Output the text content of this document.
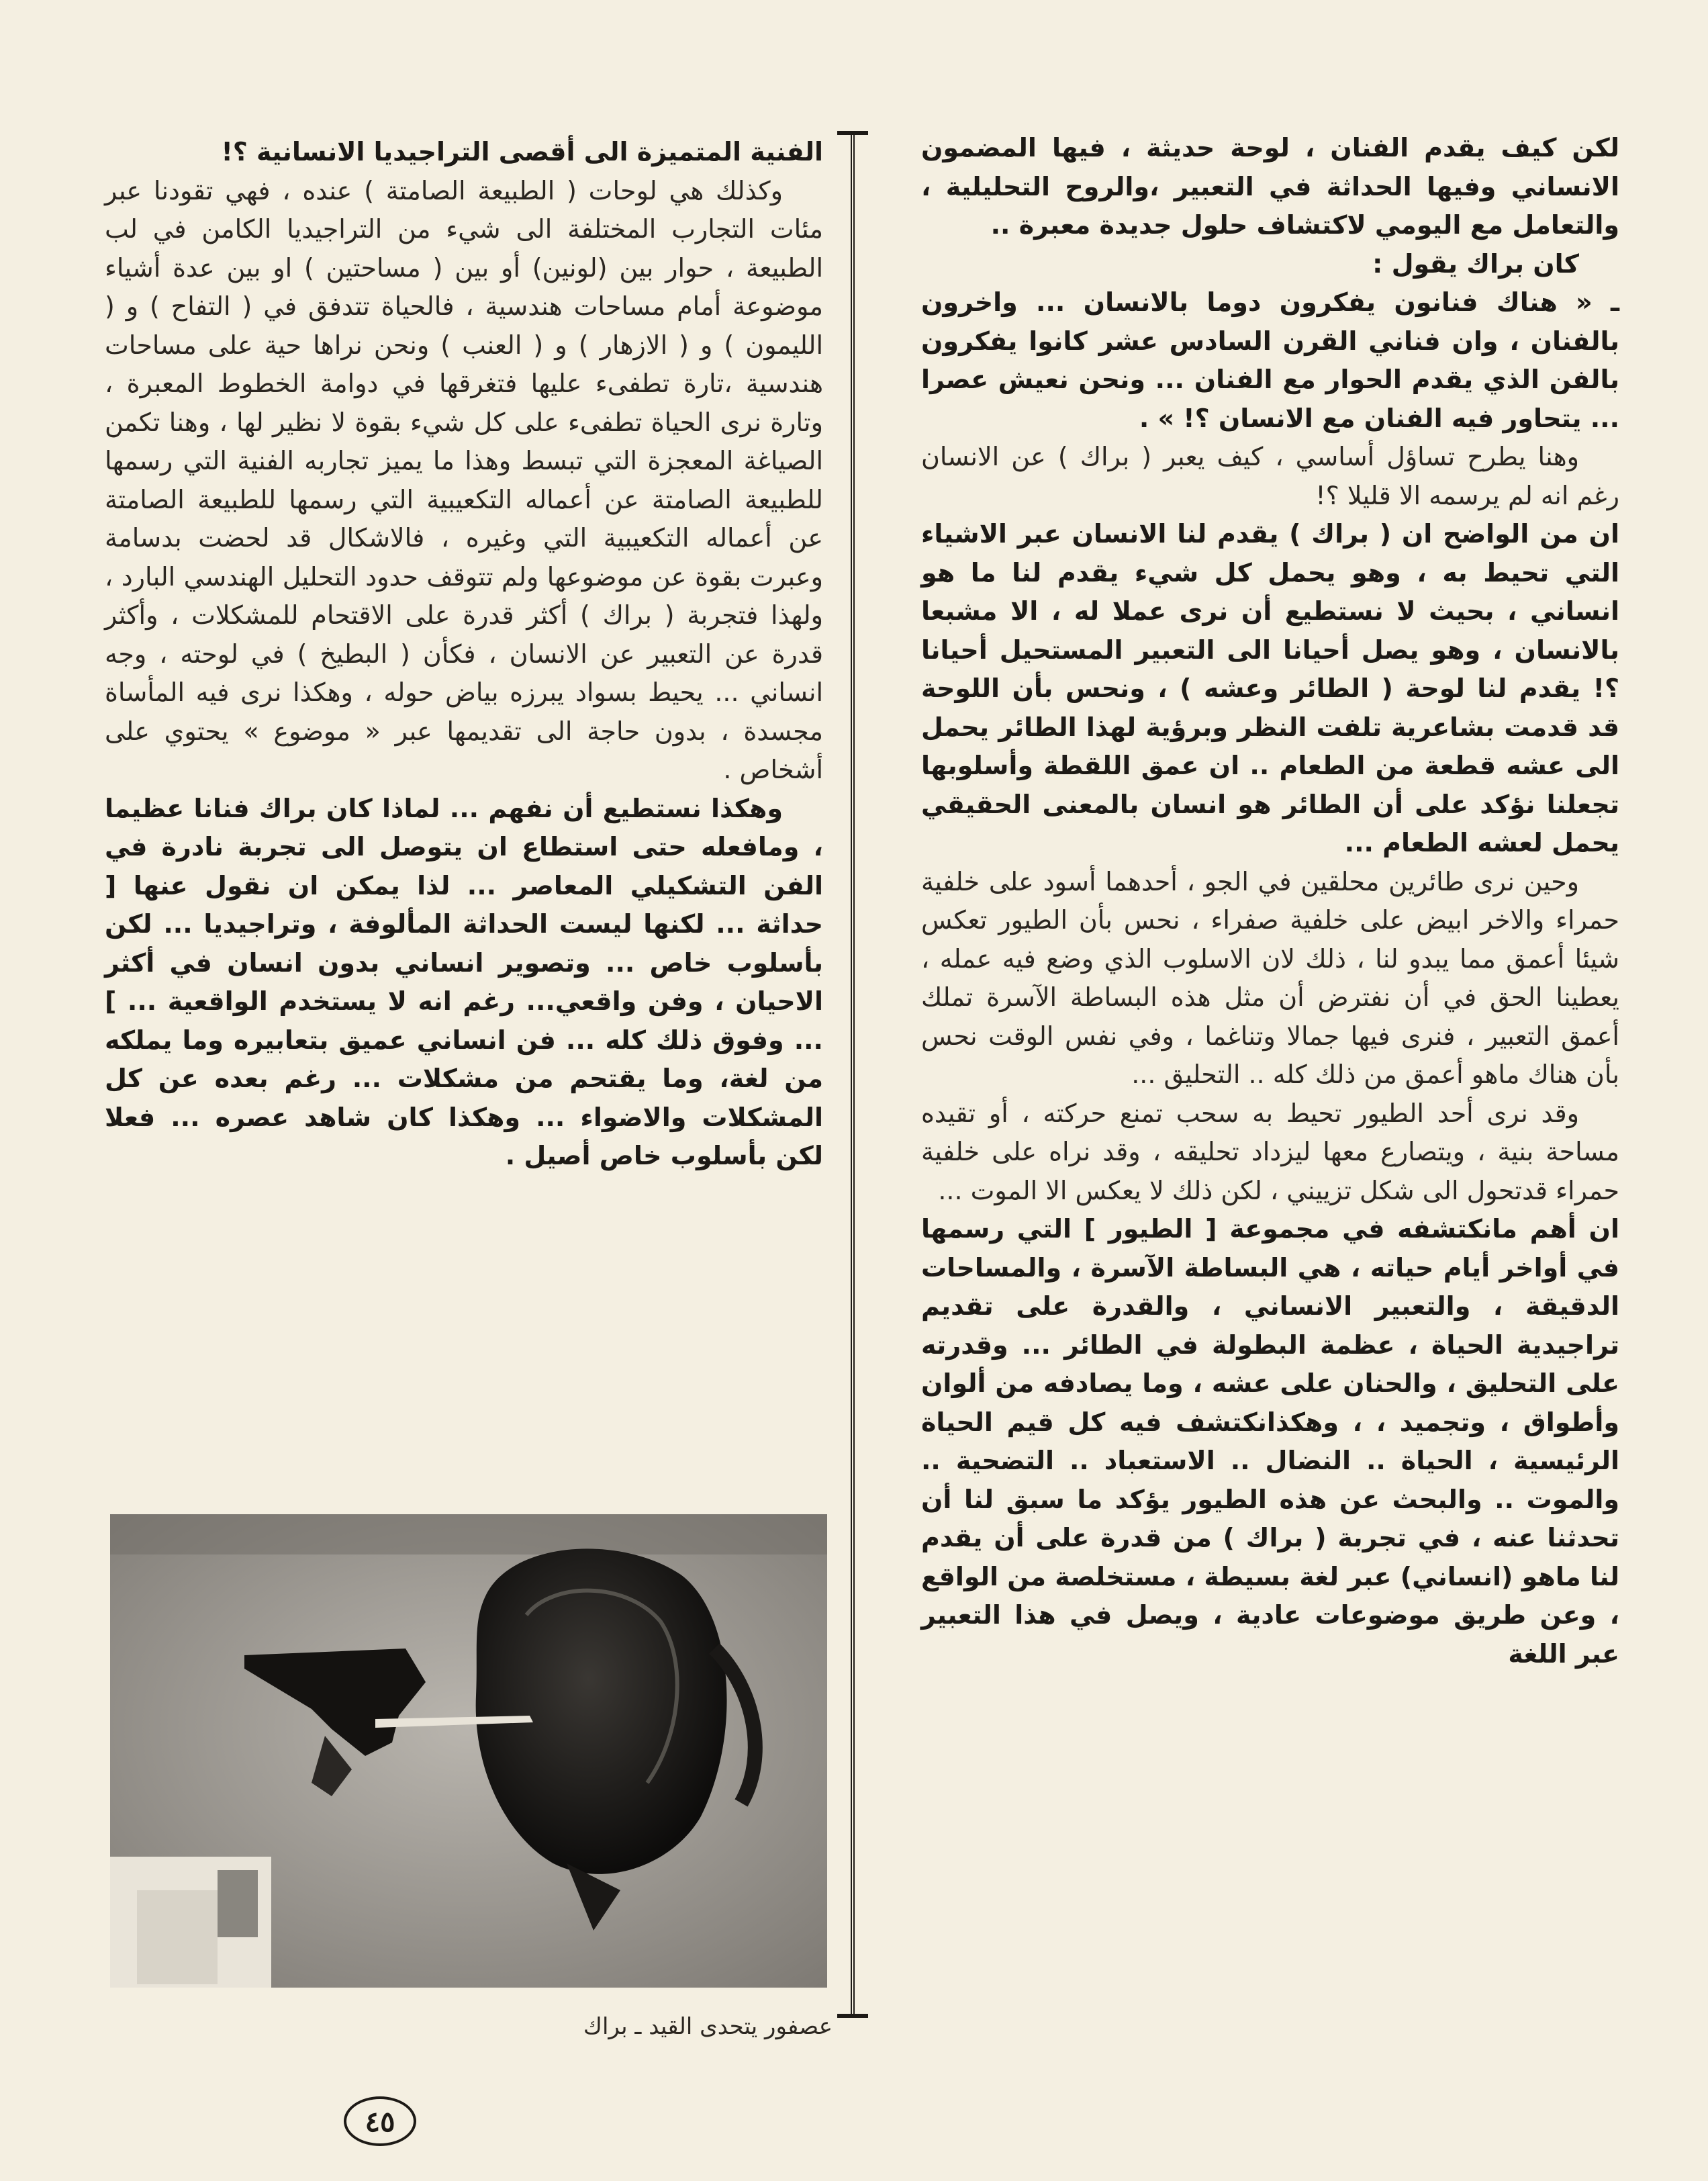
لكن كيف يقدم الفنان ، لوحة حديثة ، فيها المضمون الانساني وفيها الحداثة في التعبير ،والروح التحليلية ، والتعامل مع اليومي لاكتشاف حلول جديدة معبرة ..

كان براك يقول :

ـ « هناك فنانون يفكرون دوما بالانسان ... واخرون بالفنان ، وان فناني القرن السادس عشر كانوا يفكرون بالفن الذي يقدم الحوار مع الفنان ... ونحن نعيش عصرا ... يتحاور فيه الفنان مع الانسان ؟! » .

وهنا يطرح تساؤل أساسي ، كيف يعبر ( براك ) عن الانسان رغم انه لم يرسمه الا قليلا ؟!

ان من الواضح ان ( براك ) يقدم لنا الانسان عبر الاشياء التي تحيط به ، وهو يحمل كل شيء يقدم لنا ما هو انساني ، بحيث لا نستطيع أن نرى عملا له ، الا مشبعا بالانسان ، وهو يصل أحيانا الى التعبير المستحيل أحيانا ؟! يقدم لنا لوحة ( الطائر وعشه ) ، ونحس بأن اللوحة قد قدمت بشاعرية تلفت النظر وبرؤية لهذا الطائر يحمل الى عشه قطعة من الطعام .. ان عمق اللقطة وأسلوبها تجعلنا نؤكد على أن الطائر هو انسان بالمعنى الحقيقي يحمل لعشه الطعام ...

وحين نرى طائرين محلقين في الجو ، أحدهما أسود على خلفية حمراء والاخر ابيض على خلفية صفراء ، نحس بأن الطيور تعكس شيئا أعمق مما يبدو لنا ، ذلك لان الاسلوب الذي وضع فيه عمله ، يعطينا الحق في أن نفترض أن مثل هذه البساطة الآسرة تملك أعمق التعبير ، فنرى فيها جمالا وتناغما ، وفي نفس الوقت نحس بأن هناك ماهو أعمق من ذلك كله .. التحليق ...

وقد نرى أحد الطيور تحيط به سحب تمنع حركته ، أو تقيده مساحة بنية ، ويتصارع معها ليزداد تحليقه ، وقد نراه على خلفية حمراء قدتحول الى شكل تزييني ، لكن ذلك لا يعكس الا الموت ...

ان أهم مانكتشفه في مجموعة [ الطيور ] التي رسمها في أواخر أيام حياته ، هي البساطة الآسرة ، والمساحات الدقيقة ، والتعبير الانساني ، والقدرة على تقديم تراجيدية الحياة ، عظمة البطولة في الطائر ... وقدرته على التحليق ، والحنان على عشه ، وما يصادفه من ألوان وأطواق ، وتجميد ، ، وهكذانكتشف فيه كل قيم الحياة الرئيسية ، الحياة .. النضال .. الاستعباد .. التضحية .. والموت .. والبحث عن هذه الطيور يؤكد ما سبق لنا أن تحدثنا عنه ، في تجربة ( براك ) من قدرة على أن يقدم لنا ماهو (انساني) عبر لغة بسيطة ، مستخلصة من الواقع ، وعن طريق موضوعات عادية ، ويصل في هذا التعبير عبر اللغة

الفنية المتميزة الى أقصى التراجيديا الانسانية ؟!

وكذلك هي لوحات ( الطبيعة الصامتة ) عنده ، فهي تقودنا عبر مئات التجارب المختلفة الى شيء من التراجيديا الكامن في لب الطبيعة ، حوار بين (لونين) أو بين ( مساحتين ) او بين عدة أشياء موضوعة أمام مساحات هندسية ، فالحياة تتدفق في ( التفاح ) و ( الليمون ) و ( الازهار ) و ( العنب ) ونحن نراها حية على مساحات هندسية ،تارة تطفىء عليها فتغرقها في دوامة الخطوط المعبرة ، وتارة نرى الحياة تطفىء على كل شيء بقوة لا نظير لها ، وهنا تكمن الصياغة المعجزة التي تبسط وهذا ما يميز تجاربه الفنية التي رسمها للطبيعة الصامتة عن أعماله التكعيبية التي رسمها للطبيعة الصامتة عن أعماله التكعيبية التي وغيره ، فالاشكال قد لحضت بدسامة وعبرت بقوة عن موضوعها ولم تتوقف حدود التحليل الهندسي البارد ، ولهذا فتجربة ( براك ) أكثر قدرة على الاقتحام للمشكلات ، وأكثر قدرة عن التعبير عن الانسان ، فكأن ( البطيخ ) في لوحته ، وجه انساني ... يحيط بسواد يبرزه بياض حوله ، وهكذا نرى فيه المأساة مجسدة ، بدون حاجة الى تقديمها عبر « موضوع » يحتوي على أشخاص .

وهكذا نستطيع أن نفهم ... لماذا كان براك فنانا عظيما ، ومافعله حتى استطاع ان يتوصل الى تجربة نادرة في الفن التشكيلي المعاصر ... لذا يمكن ان نقول عنها [ حداثة ... لكنها ليست الحداثة المألوفة ، وتراجيديا ... لكن بأسلوب خاص ... وتصوير انساني بدون انسان في أكثر الاحيان ، وفن واقعي... رغم انه لا يستخدم الواقعية ... ] ... وفوق ذلك كله ... فن انساني عميق بتعابيره وما يملكه من لغة، وما يقتحم من مشكلات ... رغم بعده عن كل المشكلات والاضواء ... وهكذا كان شاهد عصره ... فعلا لكن بأسلوب خاص أصيل .

عصفور يتحدى القيد ـ براك
٤٥
